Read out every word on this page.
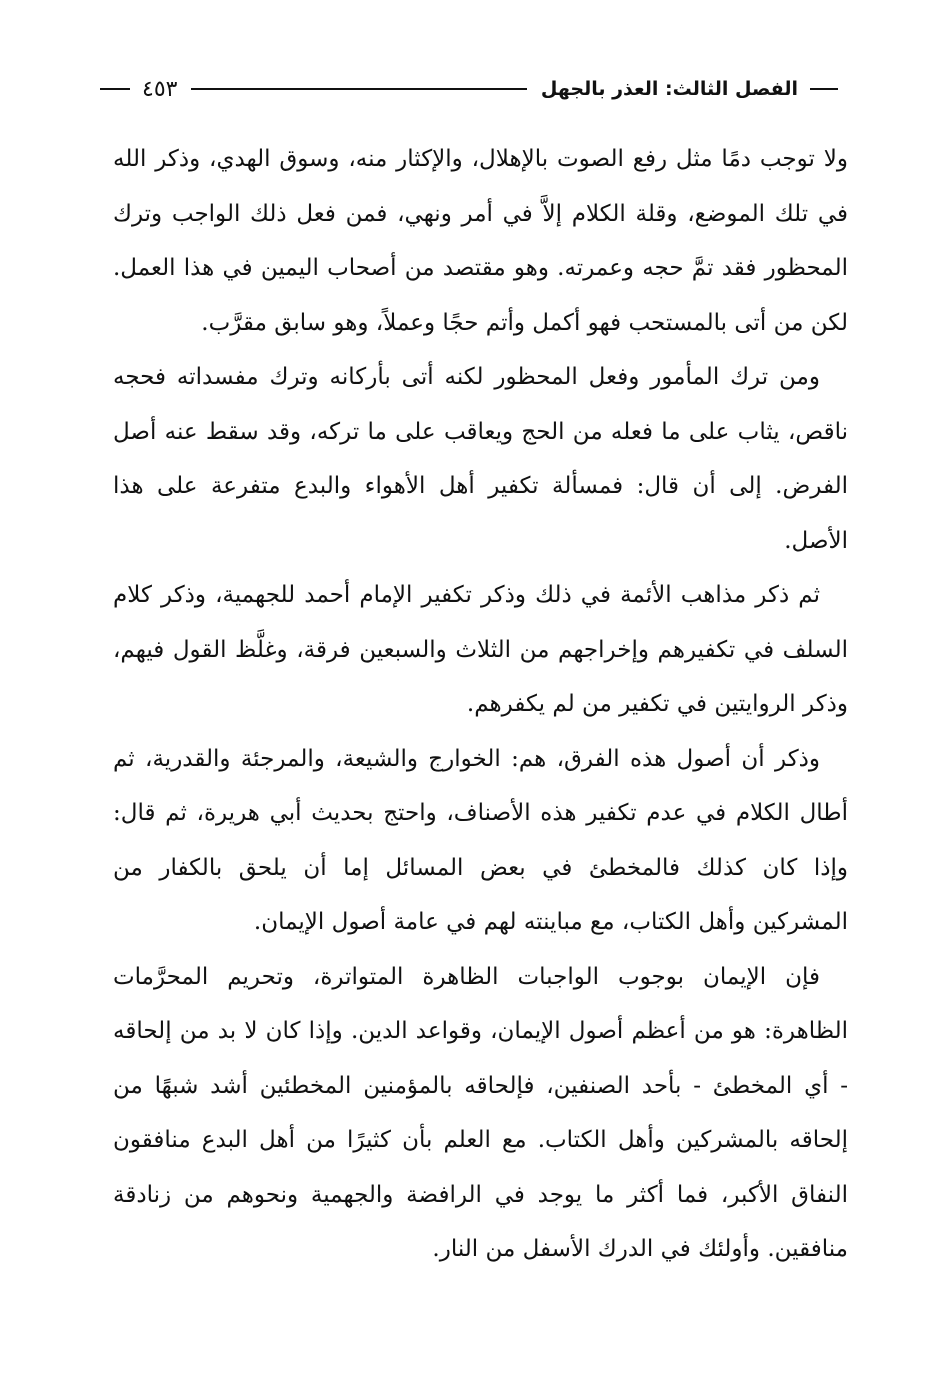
الفصل الثالث: العذر بالجهل
٤٥٣

ولا توجب دمًا مثل رفع الصوت بالإهلال، والإكثار منه، وسوق الهدي، وذكر الله في تلك الموضع، وقلة الكلام إلاَّ في أمر ونهي، فمن فعل ذلك الواجب وترك المحظور فقد تمَّ حجه وعمرته. وهو مقتصد من أصحاب اليمين في هذا العمل. لكن من أتى بالمستحب فهو أكمل وأتم حجًا وعملاً، وهو سابق مقرَّب.

ومن ترك المأمور وفعل المحظور لكنه أتى بأركانه وترك مفسداته فحجه ناقص، يثاب على ما فعله من الحج ويعاقب على ما تركه، وقد سقط عنه أصل الفرض. إلى أن قال: فمسألة تكفير أهل الأهواء والبدع متفرعة على هذا الأصل.

ثم ذكر مذاهب الأئمة في ذلك وذكر تكفير الإمام أحمد للجهمية، وذكر كلام السلف في تكفيرهم وإخراجهم من الثلاث والسبعين فرقة، وغلَّظ القول فيهم، وذكر الروايتين في تكفير من لم يكفرهم.

وذكر أن أصول هذه الفرق، هم: الخوارج والشيعة، والمرجئة والقدرية، ثم أطال الكلام في عدم تكفير هذه الأصناف، واحتج بحديث أبي هريرة، ثم قال: وإذا كان كذلك فالمخطئ في بعض المسائل إما أن يلحق بالكفار من المشركين وأهل الكتاب، مع مباينته لهم في عامة أصول الإيمان.

فإن الإيمان بوجوب الواجبات الظاهرة المتواترة، وتحريم المحرَّمات الظاهرة: هو من أعظم أصول الإيمان، وقواعد الدين. وإذا كان لا بد من إلحاقه - أي المخطئ - بأحد الصنفين، فإلحاقه بالمؤمنين المخطئين أشد شبهًا من إلحاقه بالمشركين وأهل الكتاب. مع العلم بأن كثيرًا من أهل البدع منافقون النفاق الأكبر، فما أكثر ما يوجد في الرافضة والجهمية ونحوهم من زنادقة منافقين. وأولئك في الدرك الأسفل من النار.
